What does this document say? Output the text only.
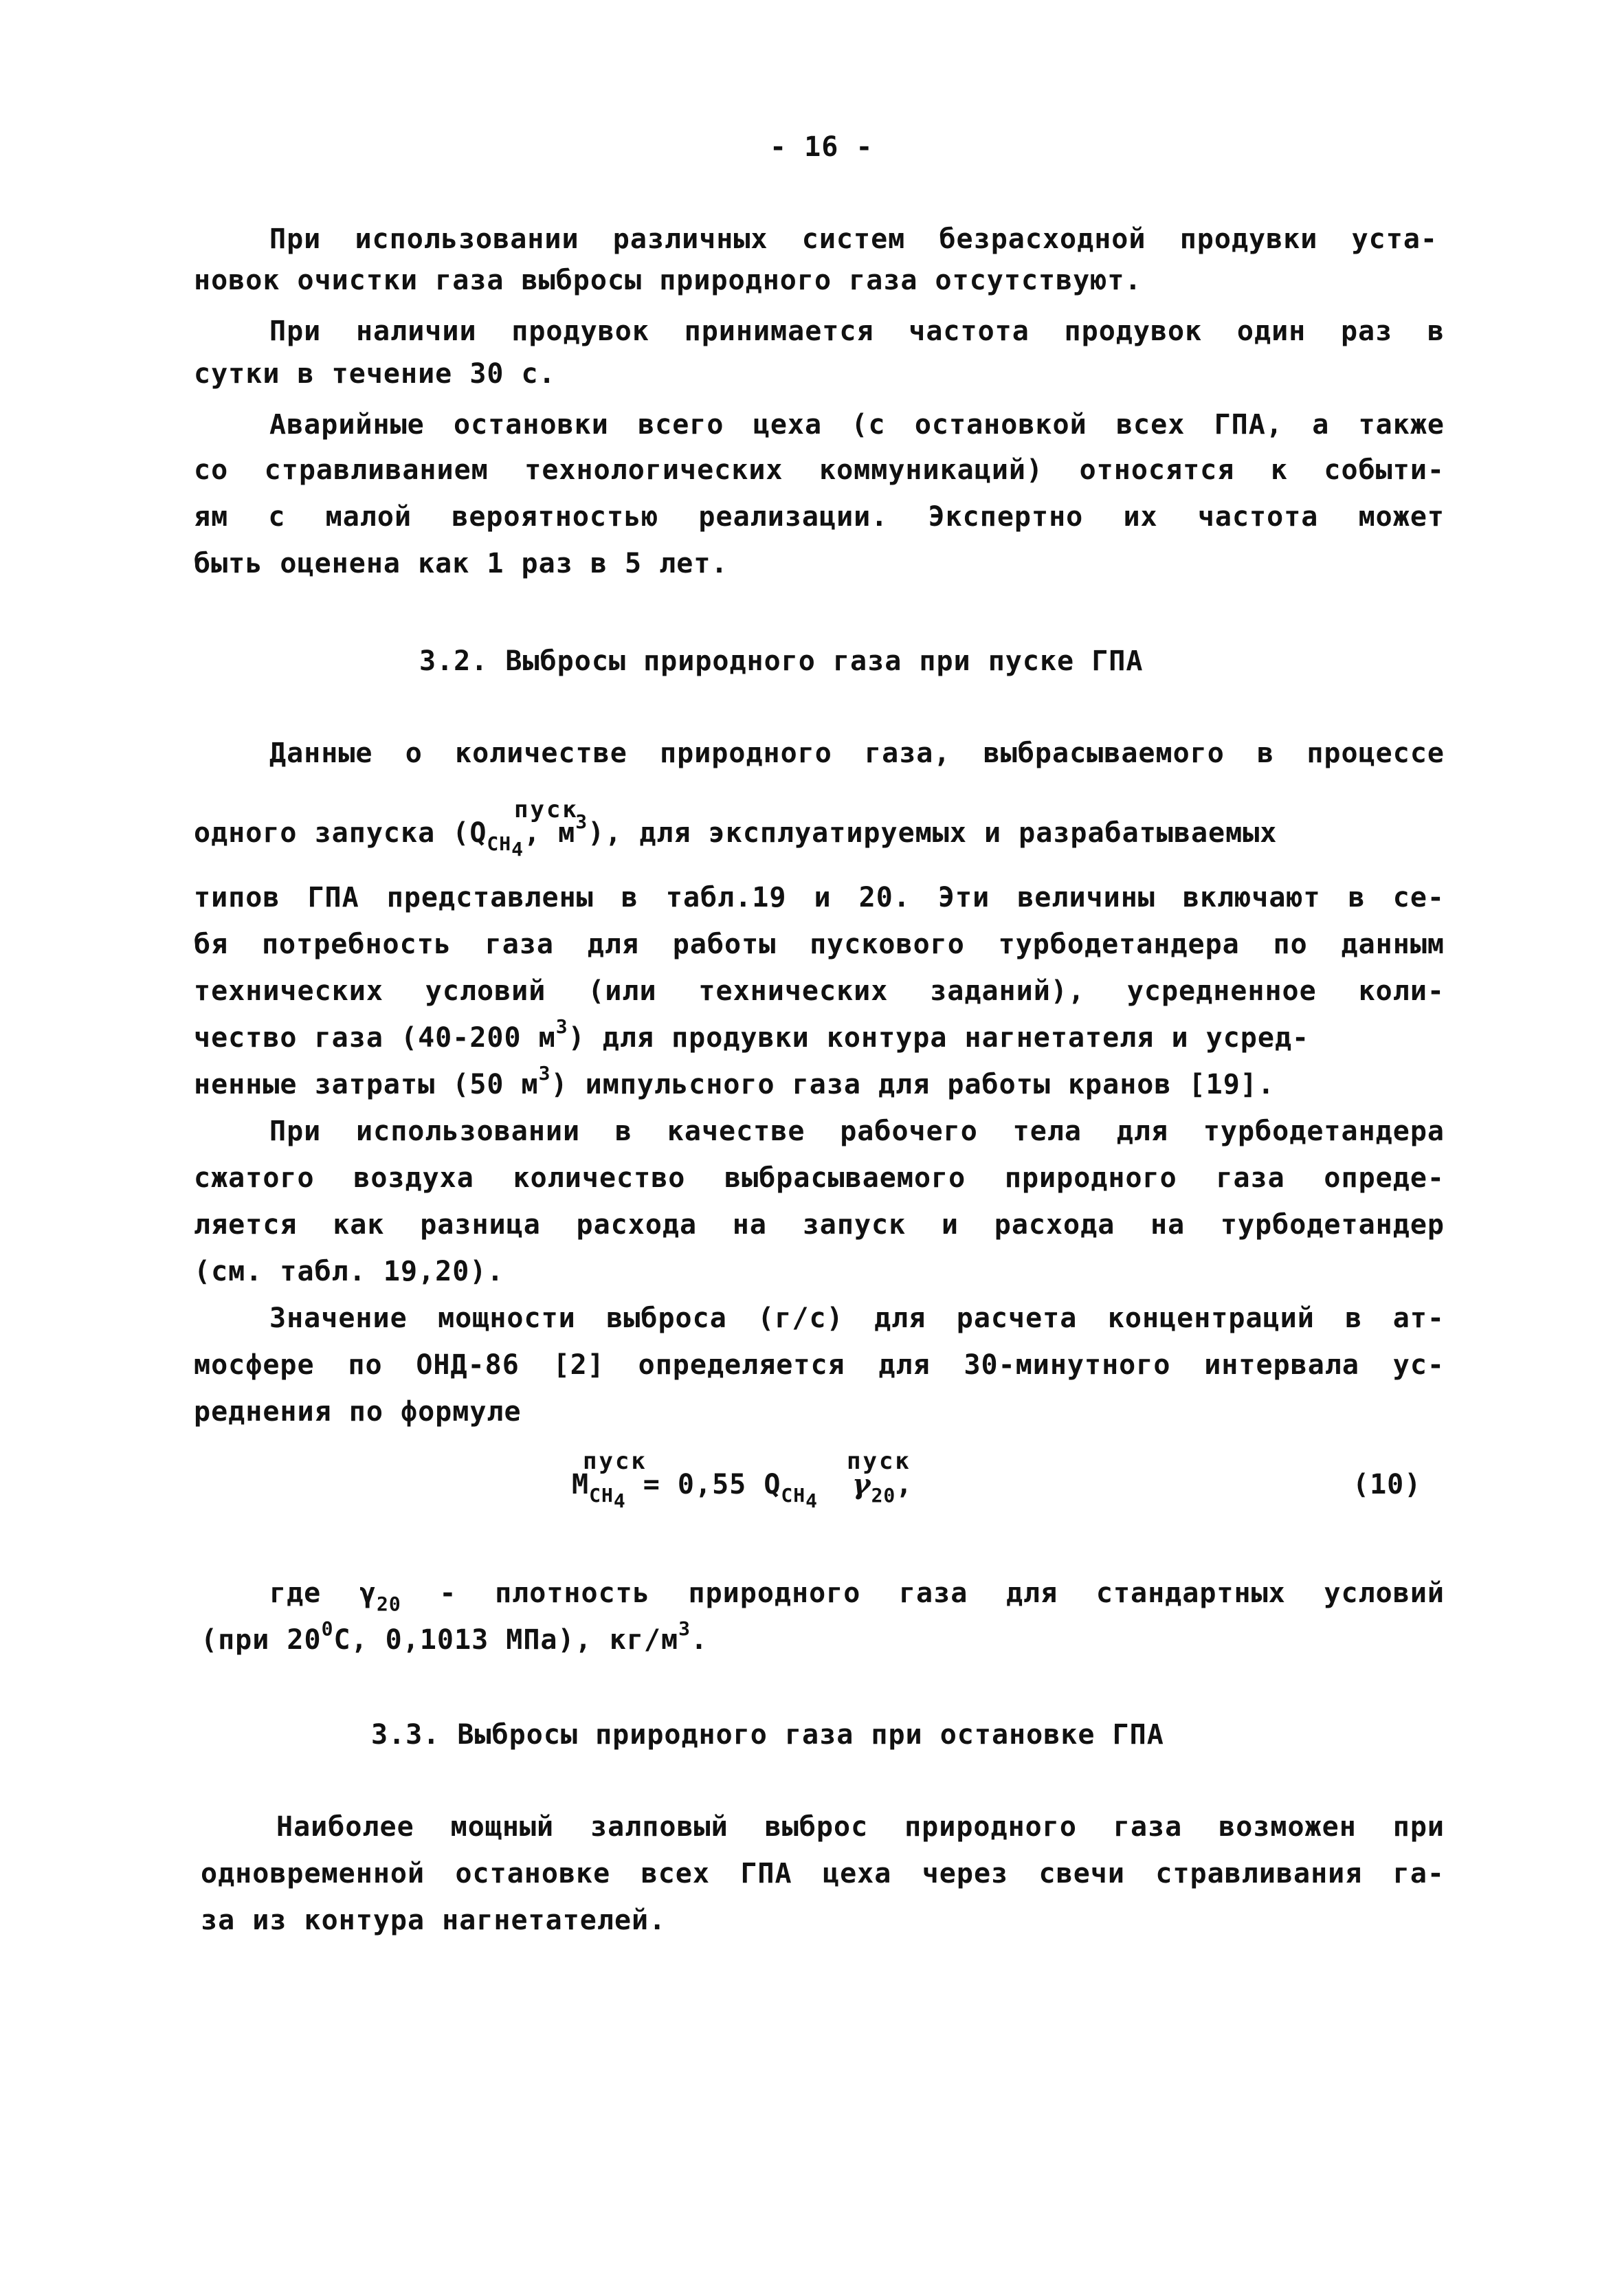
- 16 -
При использовании различных систем безрасходной продувки уста-
новок очистки газа выбросы природного газа отсутствуют.
При наличии продувок принимается частота продувок один раз в
сутки в течение 30 с.
Аварийные остановки всего цеха (с остановкой всех ГПА, а также
со стравливанием технологических коммуникаций) относятся к событи-
ям с малой вероятностью реализации. Экспертно их частота может
быть оценена как 1 раз в 5 лет.
3.2. Выбросы природного газа при пуске ГПА
Данные о количестве природного газа, выбрасываемого в процессе
пуск
одного запуска ($Q_{CH4}$, $м^3$), для эксплуатируемых и разрабатываемых
типов ГПА представлены в табл.19 и 20. Эти величины включают в се-
бя потребность газа для работы пускового турбодетандера по данным
технических условий (или технических заданий), усредненное коли-
чество газа (40-200 $м^3$) для продувки контура нагнетателя и усред-
ненные затраты (50 $м^3$) импульсного газа для работы кранов [19].
При использовании в качестве рабочего тела для турбодетандера
сжатого воздуха количество выбрасываемого природного газа опреде-
ляется как разница расхода на запуск и расхода на турбодетандер
(см. табл. 19,20).
Значение мощности выброса (г/с) для расчета концентраций в ат-
мосфере по ОНД-86 [2] определяется для 30-минутного интервала ус-
реднения по формуле
пуск	пуск
$M_{CH4} = 0,55$ $Q_{CH4}$  $\gamma_{20}$,	(10)
где $\gamma_{20}$ - плотность природного газа для стандартных условий
(при $20^0С$, 0,1013 МПа), $кг/м^3$.
3.3. Выбросы природного газа при остановке ГПА
Наиболее мощный залповый выброс природного газа возможен при
одновременной остановке всех ГПА цеха через свечи стравливания га-
за из контура нагнетателей.
